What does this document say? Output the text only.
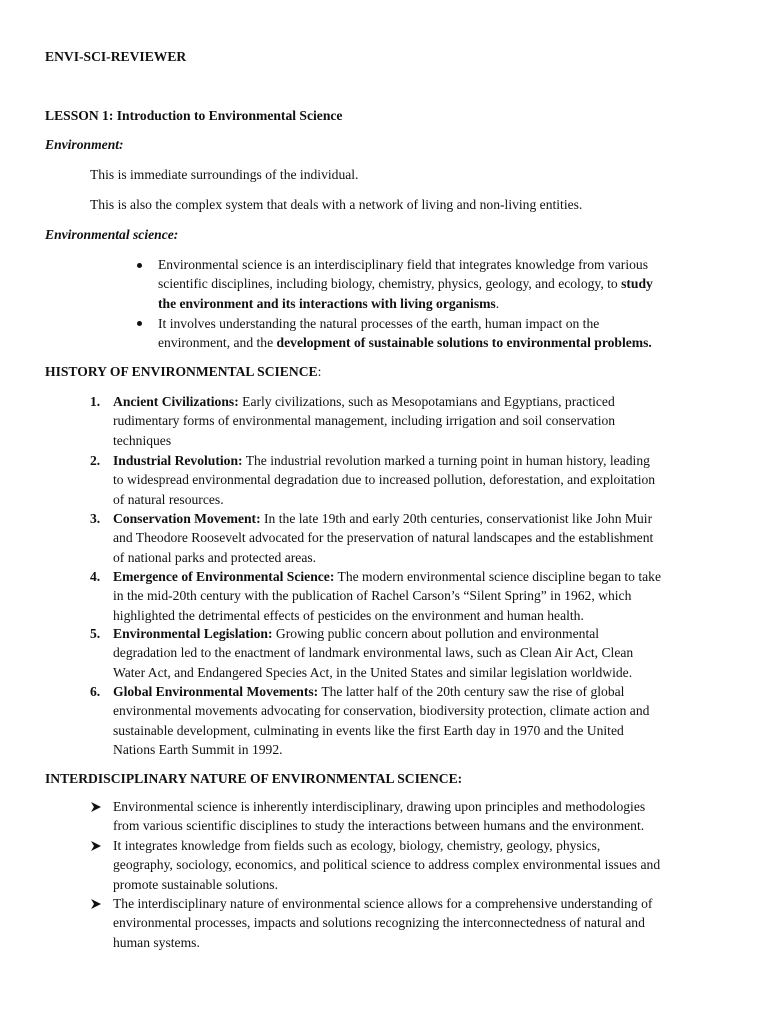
ENVI-SCI-REVIEWER
LESSON 1: Introduction to Environmental Science
Environment:
This is immediate surroundings of the individual.
This is also the complex system that deals with a network of living and non-living entities.
Environmental science:
Environmental science is an interdisciplinary field that integrates knowledge from various
scientific disciplines, including biology, chemistry, physics, geology, and ecology, to study
the environment and its interactions with living organisms.
It involves understanding the natural processes of the earth, human impact on the
environment, and the development of sustainable solutions to environmental problems.
HISTORY OF ENVIRONMENTAL SCIENCE:
1. Ancient Civilizations: Early civilizations, such as Mesopotamians and Egyptians, practiced
rudimentary forms of environmental management, including irrigation and soil conservation
techniques
2. Industrial Revolution: The industrial revolution marked a turning point in human history, leading
to widespread environmental degradation due to increased pollution, deforestation, and exploitation
of natural resources.
3. Conservation Movement: In the late 19th and early 20th centuries, conservationist like John Muir
and Theodore Roosevelt advocated for the preservation of natural landscapes and the establishment
of national parks and protected areas.
4. Emergence of Environmental Science: The modern environmental science discipline began to take
in the mid-20th century with the publication of Rachel Carson’s “Silent Spring” in 1962, which
highlighted the detrimental effects of pesticides on the environment and human health.
5. Environmental Legislation: Growing public concern about pollution and environmental
degradation led to the enactment of landmark environmental laws, such as Clean Air Act, Clean
Water Act, and Endangered Species Act, in the United States and similar legislation worldwide.
6. Global Environmental Movements: The latter half of the 20th century saw the rise of global
environmental movements advocating for conservation, biodiversity protection, climate action and
sustainable development, culminating in events like the first Earth day in 1970 and the United
Nations Earth Summit in 1992.
INTERDISCIPLINARY NATURE OF ENVIRONMENTAL SCIENCE:
Environmental science is inherently interdisciplinary, drawing upon principles and methodologies
from various scientific disciplines to study the interactions between humans and the environment.
It integrates knowledge from fields such as ecology, biology, chemistry, geology, physics,
geography, sociology, economics, and political science to address complex environmental issues and
promote sustainable solutions.
The interdisciplinary nature of environmental science allows for a comprehensive understanding of
environmental processes, impacts and solutions recognizing the interconnectedness of natural and
human systems.
